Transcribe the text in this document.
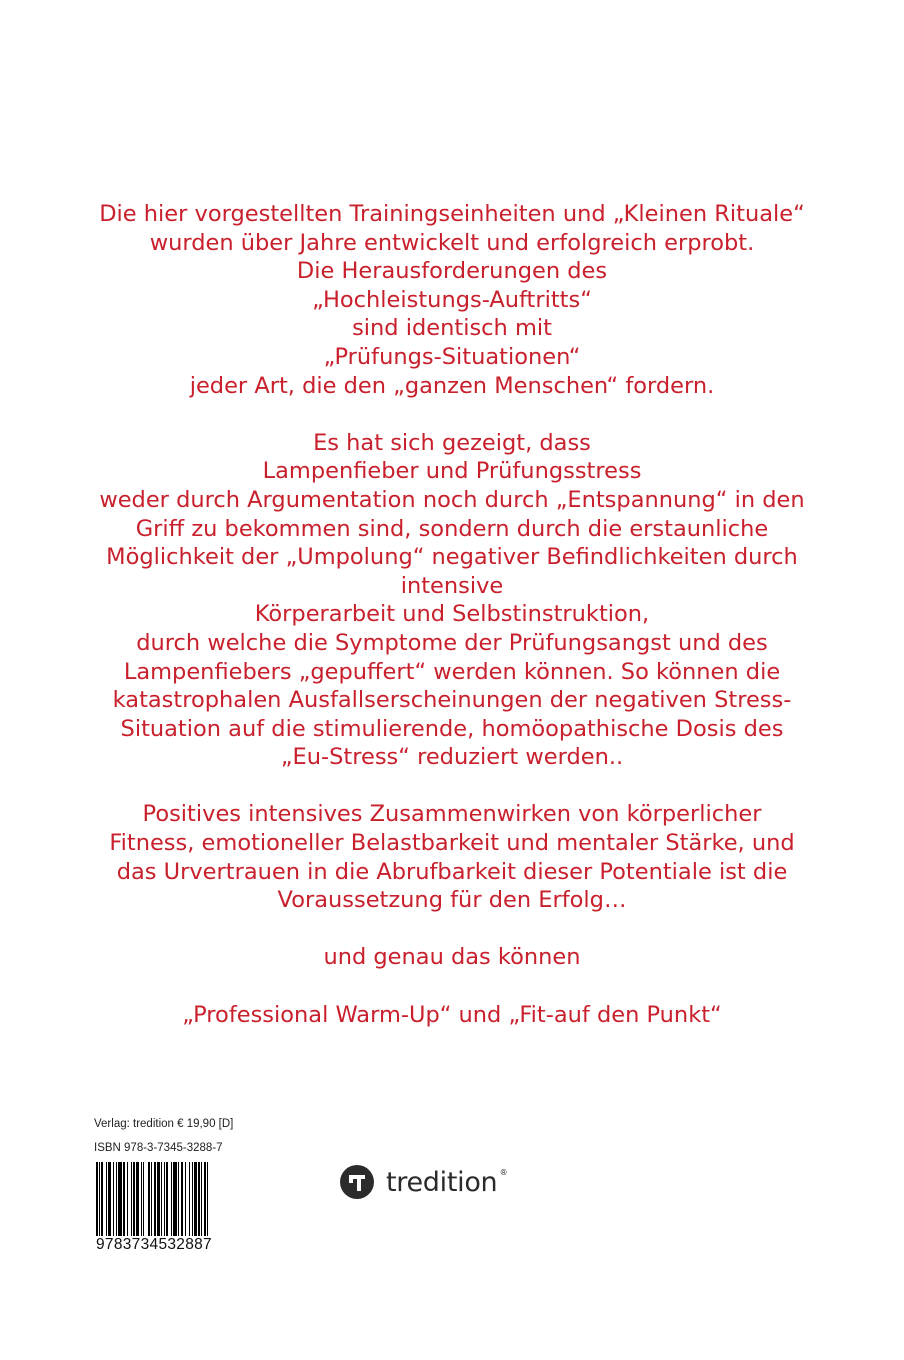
Die hier vorgestellten Trainingseinheiten und „Kleinen Rituale“
wurden über Jahre entwickelt und erfolgreich erprobt.
Die Herausforderungen des
„Hochleistungs-Auftritts“
sind identisch mit
„Prüfungs-Situationen“
jeder Art, die den „ganzen Menschen“ fordern.

Es hat sich gezeigt, dass
Lampenfieber und Prüfungsstress
weder durch Argumentation noch durch „Entspannung“ in den
Griff zu bekommen sind, sondern durch die erstaunliche
Möglichkeit der „Umpolung“ negativer Befindlichkeiten durch
intensive
Körperarbeit und Selbstinstruktion,
durch welche die Symptome der Prüfungsangst und des
Lampenfiebers „gepuffert“ werden können. So können die
katastrophalen Ausfallserscheinungen der negativen Stress-
Situation auf die stimulierende, homöopathische Dosis des
„Eu-Stress“ reduziert werden..

Positives intensives Zusammenwirken von körperlicher
Fitness, emotioneller Belastbarkeit und mentaler Stärke, und
das Urvertrauen in die Abrufbarkeit dieser Potentiale ist die
Voraussetzung für den Erfolg…

und genau das können

„Professional Warm-Up“ und „Fit-auf den Punkt“

Verlag: tredition € 19,90 [D]
ISBN 978-3-7345-3288-7
9783734532887
tredition ®
